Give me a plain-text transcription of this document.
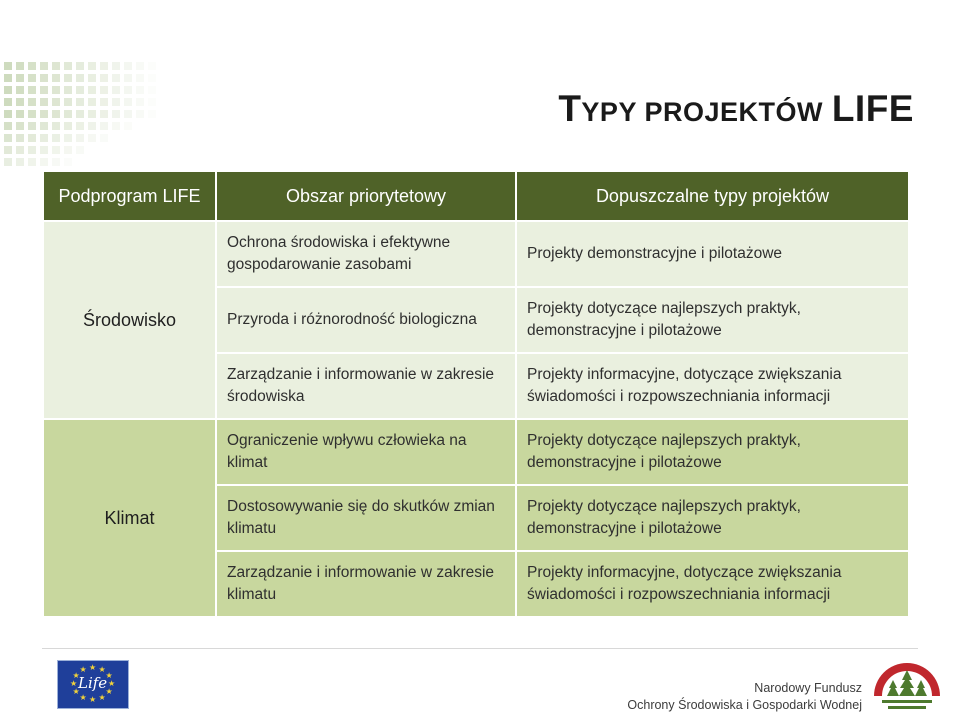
TYPY PROJEKTÓW LIFE
Podprogram LIFE	Obszar priorytetowy	Dopuszczalne typy projektów
Środowisko	Ochrona środowiska i efektywne gospodarowanie zasobami	Projekty demonstracyjne i pilotażowe
	Przyroda i różnorodność biologiczna	Projekty dotyczące najlepszych praktyk, demonstracyjne i pilotażowe
	Zarządzanie i informowanie w zakresie środowiska	Projekty informacyjne, dotyczące zwiększania świadomości i rozpowszechniania informacji
Klimat	Ograniczenie wpływu człowieka na klimat	Projekty dotyczące najlepszych praktyk, demonstracyjne i pilotażowe
	Dostosowywanie się do skutków zmian klimatu	Projekty dotyczące najlepszych praktyk, demonstracyjne i pilotażowe
	Zarządzanie i informowanie w zakresie klimatu	Projekty informacyjne, dotyczące zwiększania świadomości i rozpowszechniania informacji
Life ★
★
★
★
★
★
★
★
★ ★ ★
★
Narodowy Fundusz
Ochrony Środowiska i Gospodarki Wodnej
